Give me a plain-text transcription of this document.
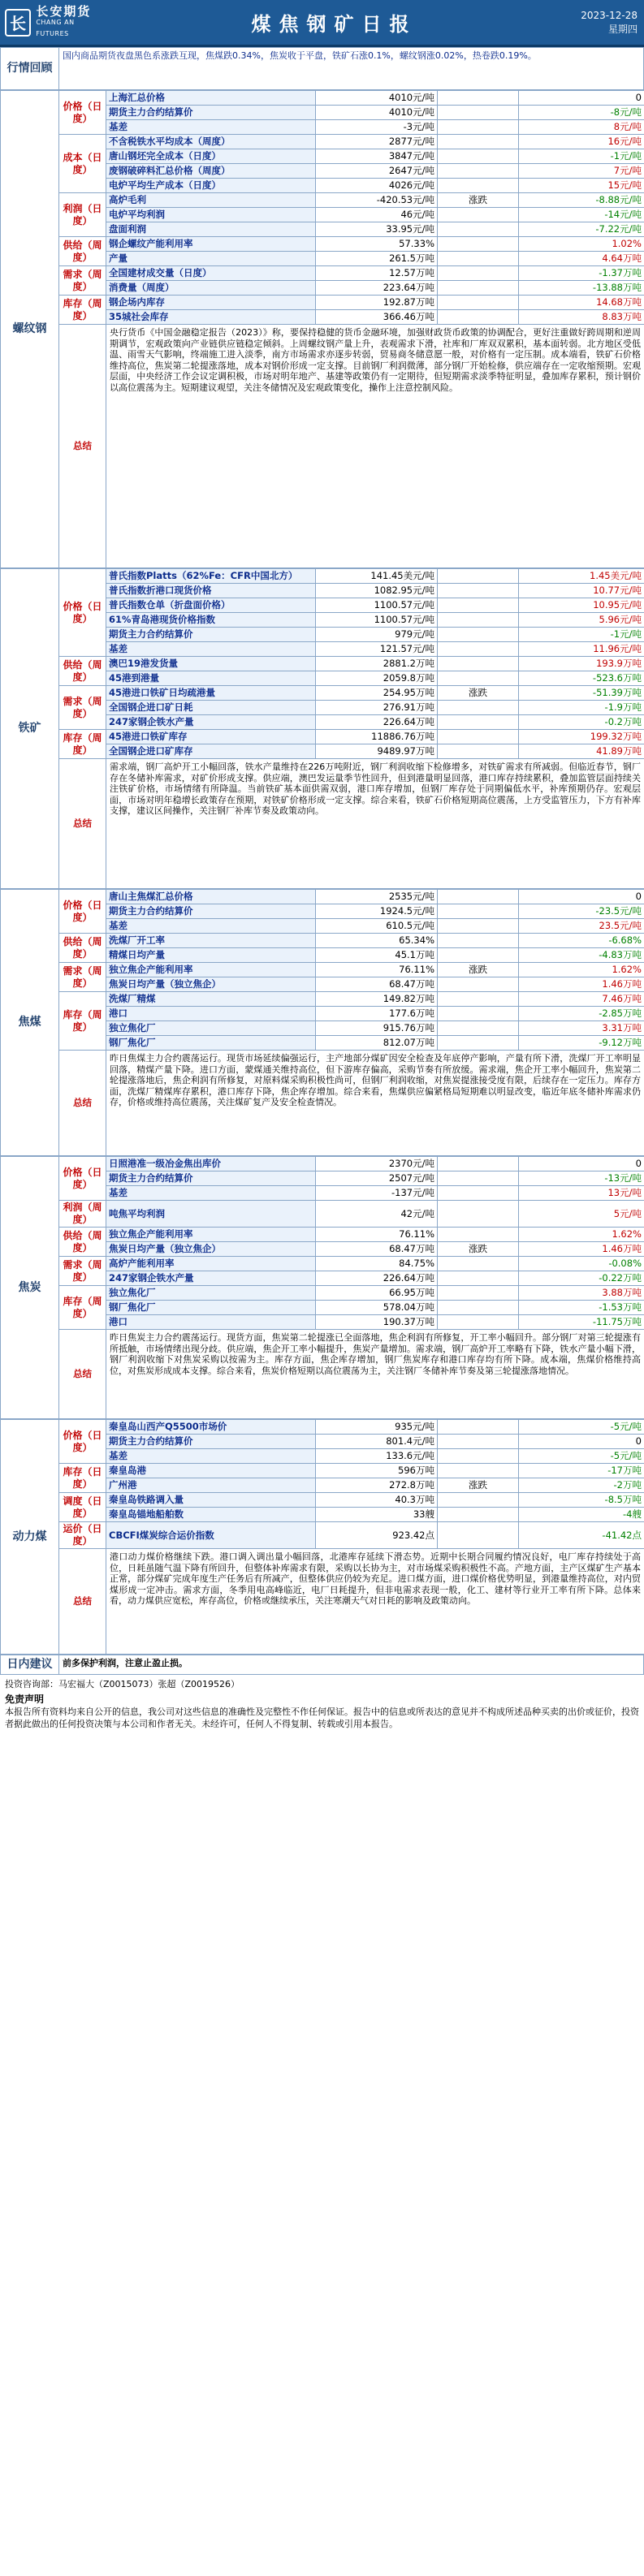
长
长安期货
CHANG AN FUTURES	煤焦钢矿日报	2023-12-28
星期四
行情回顾	国内商品期货夜盘黑色系涨跌互现，焦煤跌0.34%，焦炭收于平盘，铁矿石涨0.1%，螺纹钢涨0.02%，热卷跌0.19%。
螺纹钢	价格（日度）	上海汇总价格	4010元/吨		0
		期货主力合约结算价	4010元/吨		-8元/吨
		基差	-3元/吨		8元/吨
	成本（日度）	不含税铁水平均成本（周度）	2877元/吨		16元/吨
		唐山钢坯完全成本（日度）	3847元/吨		-1元/吨
		废钢破碎料汇总价格（周度）	2647元/吨		7元/吨
		电炉平均生产成本（日度）	4026元/吨		15元/吨
	利润（日度）	高炉毛利	-420.53元/吨	涨跌	-8.88元/吨
		电炉平均利润	46元/吨		-14元/吨
		盘面利润	33.95元/吨		-7.22元/吨
	供给（周度）	钢企螺纹产能利用率	57.33%		1.02%
		产量	261.5万吨		4.64万吨
	需求（周度）	全国建材成交量（日度）	12.57万吨		-1.37万吨
		消费量（周度）	223.64万吨		-13.88万吨
	库存（周度）	钢企场内库存	192.87万吨		14.68万吨
		35城社会库存	366.46万吨		8.83万吨
	总结	央行货币《中国金融稳定报告（2023）》称，要保持稳健的货币金融环境，加强财政货币政策的协调配合，更好注重做好跨周期和逆周期调节，宏观政策向产业链供应链稳定倾斜。上周螺纹钢产量上升，表观需求下滑，社库和厂库双双累积，基本面转弱。北方地区受低温、雨雪天气影响，终端施工进入淡季，南方市场需求亦逐步转弱，贸易商冬储意愿一般，对价格有一定压制。成本端看，铁矿石价格维持高位，焦炭第二轮提涨落地，成本对钢价形成一定支撑。目前钢厂利润微薄，部分钢厂开始检修，供应端存在一定收缩预期。宏观层面，中央经济工作会议定调积极，市场对明年地产、基建等政策仍有一定期待，但短期需求淡季特征明显，叠加库存累积，预计钢价以高位震荡为主。短期建议观望，关注冬储情况及宏观政策变化，操作上注意控制风险。			
铁矿	价格（日度）	普氏指数Platts（62%Fe：CFR中国北方）	141.45美元/吨		1.45美元/吨
		普氏指数折港口现货价格	1082.95元/吨		10.77元/吨
		普氏指数仓单（折盘面价格）	1100.57元/吨		10.95元/吨
		61%青岛港现货价格指数	1100.57元/吨		5.96元/吨
		期货主力合约结算价	979元/吨		-1元/吨
		基差	121.57元/吨		11.96元/吨
	供给（周度）	澳巴19港发货量	2881.2万吨		193.9万吨
		45港到港量	2059.8万吨		-523.6万吨
	需求（周度）	45港进口铁矿日均疏港量	254.95万吨	涨跌	-51.39万吨
		全国钢企进口矿日耗	276.91万吨		-1.9万吨
		247家钢企铁水产量	226.64万吨		-0.2万吨
	库存（周度）	45港进口铁矿库存	11886.76万吨		199.32万吨
		全国钢企进口矿库存	9489.97万吨		41.89万吨
	总结	需求端，钢厂高炉开工小幅回落，铁水产量维持在226万吨附近，钢厂利润收缩下检修增多，对铁矿需求有所减弱。但临近春节，钢厂存在冬储补库需求，对矿价形成支撑。供应端，澳巴发运量季节性回升，但到港量明显回落，港口库存持续累积，叠加监管层面持续关注铁矿价格，市场情绪有所降温。当前铁矿基本面供需双弱，港口库存增加，但钢厂库存处于同期偏低水平，补库预期仍存。宏观层面，市场对明年稳增长政策存在预期，对铁矿价格形成一定支撑。综合来看，铁矿石价格短期高位震荡，上方受监管压力，下方有补库支撑，建议区间操作，关注钢厂补库节奏及政策动向。			
焦煤	价格（日度）	唐山主焦煤汇总价格	2535元/吨		0
		期货主力合约结算价	1924.5元/吨		-23.5元/吨
		基差	610.5元/吨		23.5元/吨
	供给（周度）	洗煤厂开工率	65.34%		-6.68%
		精煤日均产量	45.1万吨		-4.83万吨
	需求（周度）	独立焦企产能利用率	76.11%	涨跌	1.62%
		焦炭日均产量（独立焦企）	68.47万吨		1.46万吨
	库存（周度）	洗煤厂精煤	149.82万吨		7.46万吨
		港口	177.6万吨		-2.85万吨
		独立焦化厂	915.76万吨		3.31万吨
		钢厂焦化厂	812.07万吨		-9.12万吨
	总结	昨日焦煤主力合约震荡运行。现货市场延续偏强运行，主产地部分煤矿因安全检查及年底停产影响，产量有所下滑，洗煤厂开工率明显回落，精煤产量下降。进口方面，蒙煤通关维持高位，但下游库存偏高，采购节奏有所放缓。需求端，焦企开工率小幅回升，焦炭第二轮提涨落地后，焦企利润有所修复，对原料煤采购积极性尚可，但钢厂利润收缩，对焦炭提涨接受度有限，后续存在一定压力。库存方面，洗煤厂精煤库存累积，港口库存下降，焦企库存增加。综合来看，焦煤供应偏紧格局短期难以明显改变，临近年底冬储补库需求仍存，价格或维持高位震荡，关注煤矿复产及安全检查情况。			
焦炭	价格（日度）	日照港准一级冶金焦出库价	2370元/吨		0
		期货主力合约结算价	2507元/吨		-13元/吨
		基差	-137元/吨		13元/吨
	利润（周度）	吨焦平均利润	42元/吨		5元/吨
	供给（周度）	独立焦企产能利用率	76.11%		1.62%
		焦炭日均产量（独立焦企）	68.47万吨	涨跌	1.46万吨
	需求（周度）	高炉产能利用率	84.75%		-0.08%
		247家钢企铁水产量	226.64万吨		-0.22万吨
	库存（周度）	独立焦化厂	66.95万吨		3.88万吨
		钢厂焦化厂	578.04万吨		-1.53万吨
		港口	190.37万吨		-11.75万吨
	总结	昨日焦炭主力合约震荡运行。现货方面，焦炭第二轮提涨已全面落地，焦企利润有所修复，开工率小幅回升。部分钢厂对第三轮提涨有所抵触，市场情绪出现分歧。供应端，焦企开工率小幅提升，焦炭产量增加。需求端，钢厂高炉开工率略有下降，铁水产量小幅下滑，钢厂利润收缩下对焦炭采购以按需为主。库存方面，焦企库存增加，钢厂焦炭库存和港口库存均有所下降。成本端，焦煤价格维持高位，对焦炭形成成本支撑。综合来看，焦炭价格短期以高位震荡为主，关注钢厂冬储补库节奏及第三轮提涨落地情况。			
动力煤	价格（日度）	秦皇岛山西产Q5500市场价	935元/吨		-5元/吨
		期货主力合约结算价	801.4元/吨		0
		基差	133.6元/吨		-5元/吨
	库存（日度）	秦皇岛港	596万吨		-17万吨
		广州港	272.8万吨	涨跌	-2万吨
	调度（日度）	秦皇岛铁路调入量	40.3万吨		-8.5万吨
		秦皇岛锚地船舶数	33艘		-4艘
	运价（日度）	CBCFI煤炭综合运价指数	923.42点		-41.42点
	总结	港口动力煤价格继续下跌。港口调入调出量小幅回落，北港库存延续下滑态势。近期中长期合同履约情况良好，电厂库存持续处于高位，日耗虽随气温下降有所回升，但整体补库需求有限，采购以长协为主，对市场煤采购积极性不高。产地方面，主产区煤矿生产基本正常，部分煤矿完成年度生产任务后有所减产，但整体供应仍较为充足。进口煤方面，进口煤价格优势明显，到港量维持高位，对内贸煤形成一定冲击。需求方面，冬季用电高峰临近，电厂日耗提升，但非电需求表现一般，化工、建材等行业开工率有所下降。总体来看，动力煤供应宽松，库存高位，价格或继续承压，关注寒潮天气对日耗的影响及政策动向。			
日内建议	前多保护利润，注意止盈止损。
投资咨询部：马宏福大（Z0015073）张超（Z0019526）
免责声明
本报告所有资料均来自公开的信息，我公司对这些信息的准确性及完整性不作任何保证。报告中的信息或所表达的意见并不构成所述品种买卖的出价或征价，投资者据此做出的任何投资决策与本公司和作者无关。未经许可，任何人不得复制、转载或引用本报告。
